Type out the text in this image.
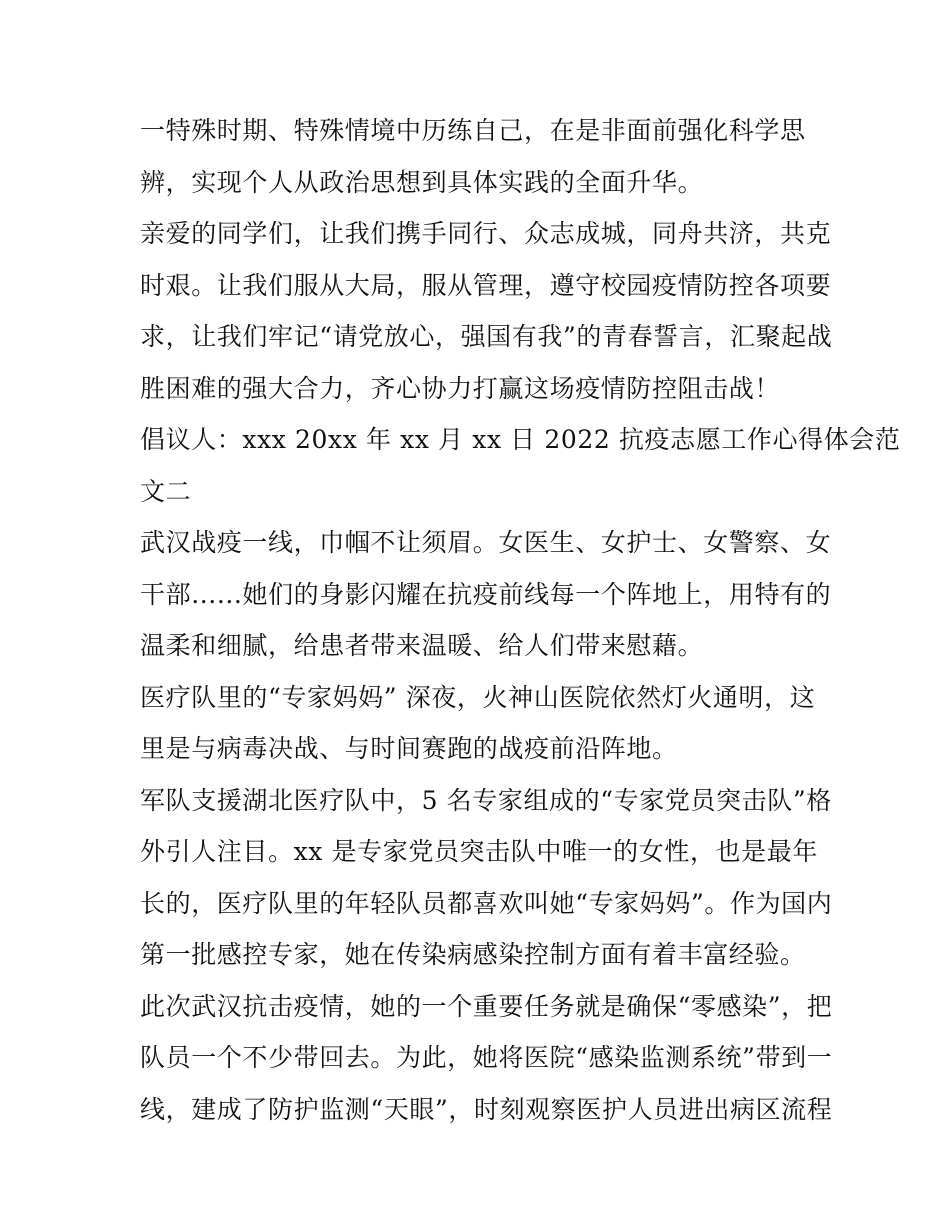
一特殊时期、特殊情境中历练自己，在是非面前强化科学思
辨，实现个人从政治思想到具体实践的全面升华。
亲爱的同学们，让我们携手同行、众志成城，同舟共济，共克
时艰。让我们服从大局，服从管理，遵守校园疫情防控各项要
求，让我们牢记“请党放心，强国有我”的青春誓言，汇聚起战
胜困难的强大合力，齐心协力打赢这场疫情防控阻击战！
倡议人：xxx 20xx 年 xx 月 xx 日 2022 抗疫志愿工作心得体会范
文二
武汉战疫一线，巾帼不让须眉。女医生、女护士、女警察、女
干部......她们的身影闪耀在抗疫前线每一个阵地上，用特有的
温柔和细腻，给患者带来温暖、给人们带来慰藉。
医疗队里的“专家妈妈” 深夜，火神山医院依然灯火通明，这
里是与病毒决战、与时间赛跑的战疫前沿阵地。
军队支援湖北医疗队中，5 名专家组成的“专家党员突击队”格
外引人注目。xx 是专家党员突击队中唯一的女性，也是最年
长的，医疗队里的年轻队员都喜欢叫她“专家妈妈”。作为国内
第一批感控专家，她在传染病感染控制方面有着丰富经验。
此次武汉抗击疫情，她的一个重要任务就是确保“零感染”，把
队员一个不少带回去。为此，她将医院“感染监测系统”带到一
线，建成了防护监测“天眼”，时刻观察医护人员进出病区流程
